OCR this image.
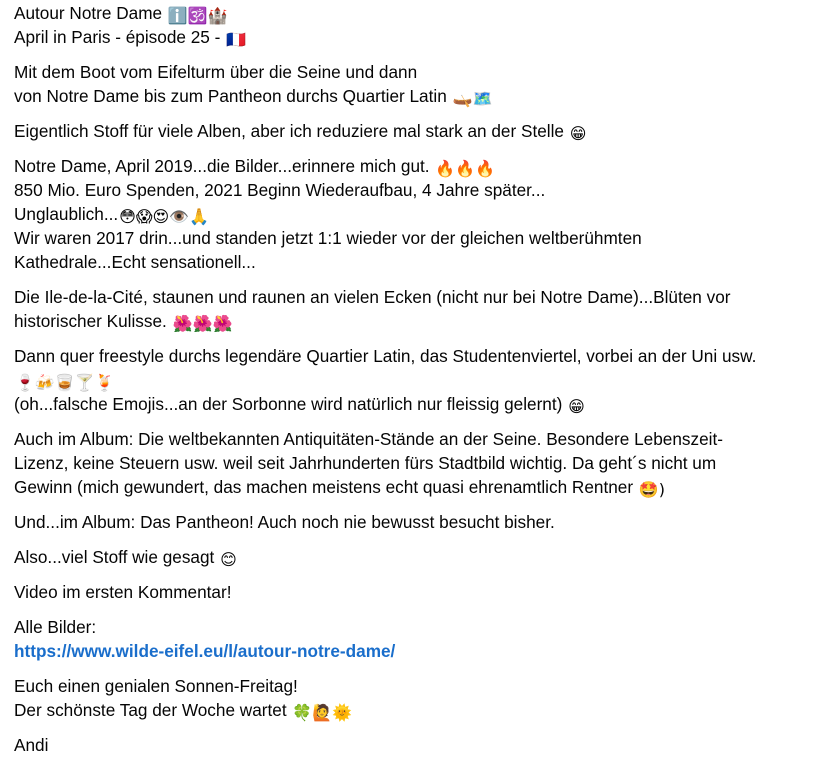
Autour Notre Dame ℹ️🕉️🏰
April in Paris - épisode 25 - 🇫🇷
Mit dem Boot vom Eifelturm über die Seine und dann
von Notre Dame bis zum Pantheon durchs Quartier Latin 🛶🗺️
Eigentlich Stoff für viele Alben, aber ich reduziere mal stark an der Stelle 😁
Notre Dame, April 2019...die Bilder...erinnere mich gut. 🔥🔥🔥
850 Mio. Euro Spenden, 2021 Beginn Wiederaufbau, 4 Jahre später...
Unglaublich...😳😱😍👁️🙏
Wir waren 2017 drin...und standen jetzt 1:1 wieder vor der gleichen weltberühmten
Kathedrale...Echt sensationell...
Die Ile-de-la-Cité, staunen und raunen an vielen Ecken (nicht nur bei Notre Dame)...Blüten vor
historischer Kulisse. 🌺🌺🌺
Dann quer freestyle durchs legendäre Quartier Latin, das Studentenviertel, vorbei an der Uni usw.
🍷🍻🥃🍸🍹
(oh...falsche Emojis...an der Sorbonne wird natürlich nur fleissig gelernt) 😁
Auch im Album: Die weltbekannten Antiquitäten-Stände an der Seine. Besondere Lebenszeit-
Lizenz, keine Steuern usw. weil seit Jahrhunderten fürs Stadtbild wichtig. Da geht´s nicht um
Gewinn (mich gewundert, das machen meistens echt quasi ehrenamtlich Rentner 🤩)
Und...im Album: Das Pantheon! Auch noch nie bewusst besucht bisher.
Also...viel Stoff wie gesagt 😊
Video im ersten Kommentar!
Alle Bilder:
https://www.wilde-eifel.eu/l/autour-notre-dame/
Euch einen genialen Sonnen-Freitag!
Der schönste Tag der Woche wartet 🍀🙋🌞
Andi
